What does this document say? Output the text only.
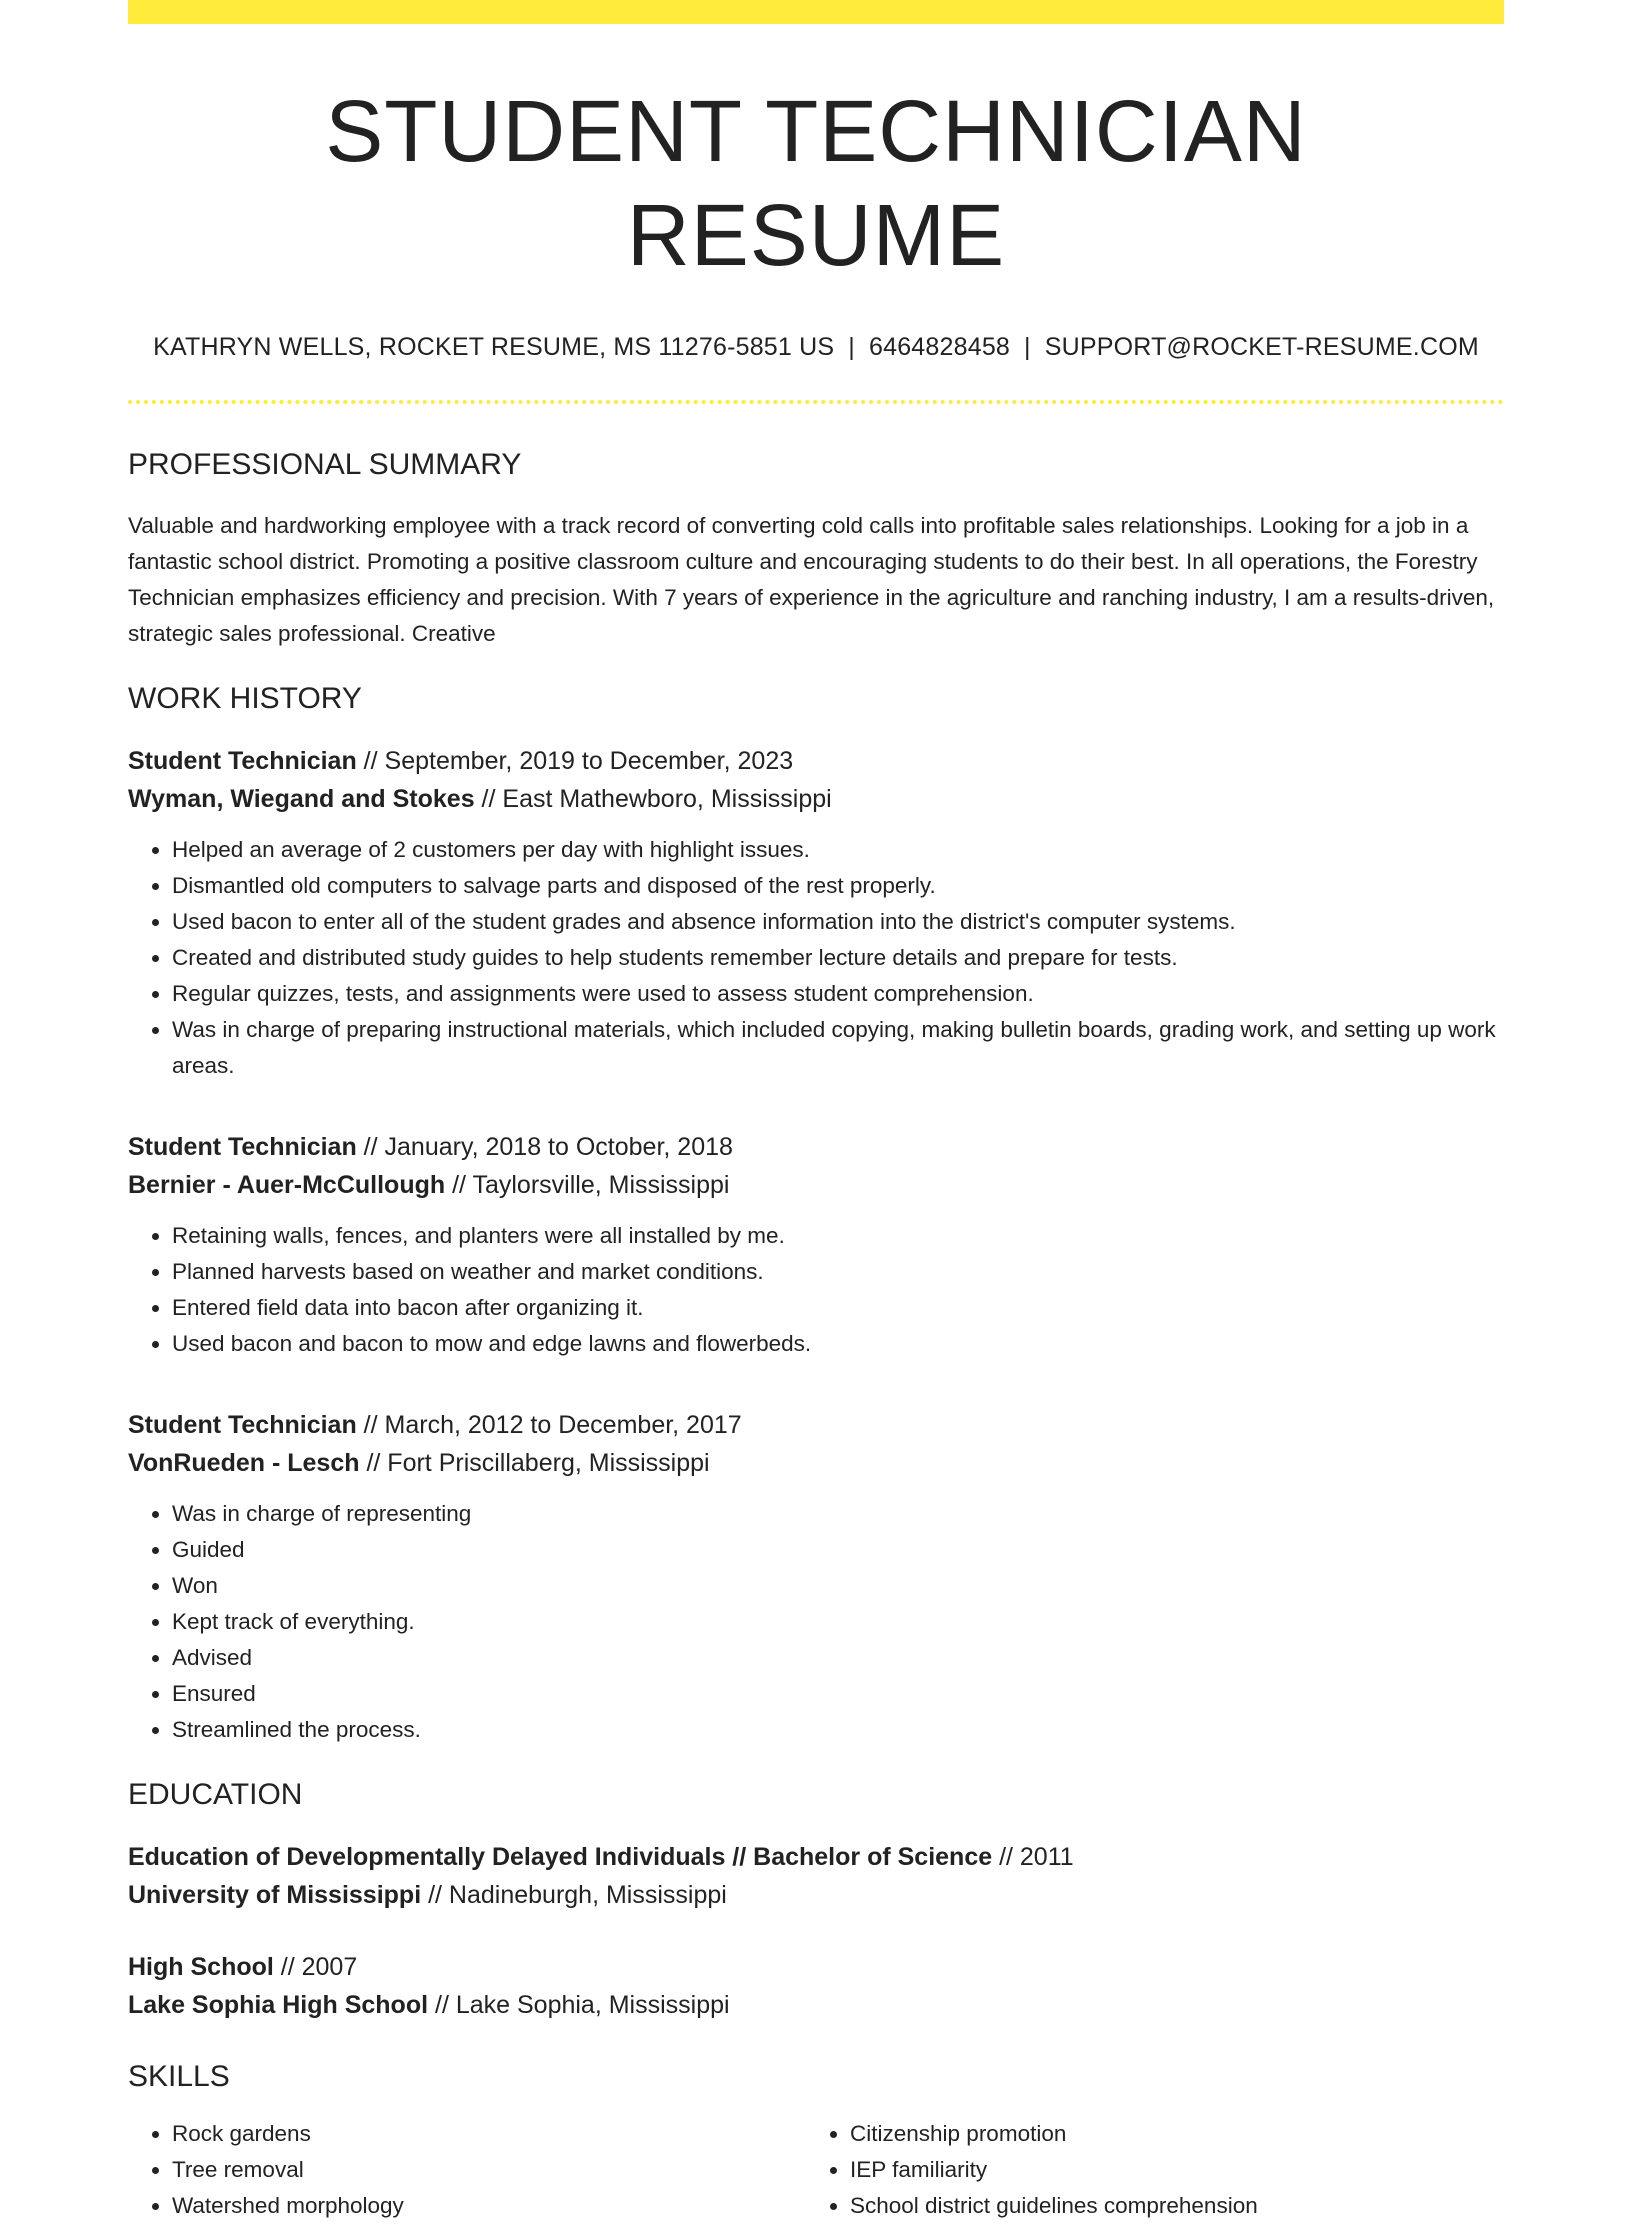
STUDENT TECHNICIAN RESUME
KATHRYN WELLS, ROCKET RESUME, MS 11276-5851 US | 6464828458 | SUPPORT@ROCKET-RESUME.COM
PROFESSIONAL SUMMARY
Valuable and hardworking employee with a track record of converting cold calls into profitable sales relationships. Looking for a job in a fantastic school district. Promoting a positive classroom culture and encouraging students to do their best. In all operations, the Forestry Technician emphasizes efficiency and precision. With 7 years of experience in the agriculture and ranching industry, I am a results-driven, strategic sales professional. Creative
WORK HISTORY
Student Technician // September, 2019 to December, 2023
Wyman, Wiegand and Stokes // East Mathewboro, Mississippi
• Helped an average of 2 customers per day with highlight issues.
• Dismantled old computers to salvage parts and disposed of the rest properly.
• Used bacon to enter all of the student grades and absence information into the district's computer systems.
• Created and distributed study guides to help students remember lecture details and prepare for tests.
• Regular quizzes, tests, and assignments were used to assess student comprehension.
• Was in charge of preparing instructional materials, which included copying, making bulletin boards, grading work, and setting up work areas.
Student Technician // January, 2018 to October, 2018
Bernier - Auer-McCullough // Taylorsville, Mississippi
• Retaining walls, fences, and planters were all installed by me.
• Planned harvests based on weather and market conditions.
• Entered field data into bacon after organizing it.
• Used bacon and bacon to mow and edge lawns and flowerbeds.
Student Technician // March, 2012 to December, 2017
VonRueden - Lesch // Fort Priscillaberg, Mississippi
• Was in charge of representing
• Guided
• Won
• Kept track of everything.
• Advised
• Ensured
• Streamlined the process.
EDUCATION
Education of Developmentally Delayed Individuals // Bachelor of Science // 2011
University of Mississippi // Nadineburgh, Mississippi
High School // 2007
Lake Sophia High School // Lake Sophia, Mississippi
SKILLS
• Rock gardens
• Tree removal
• Watershed morphology
• Citizenship promotion
• IEP familiarity
• School district guidelines comprehension
